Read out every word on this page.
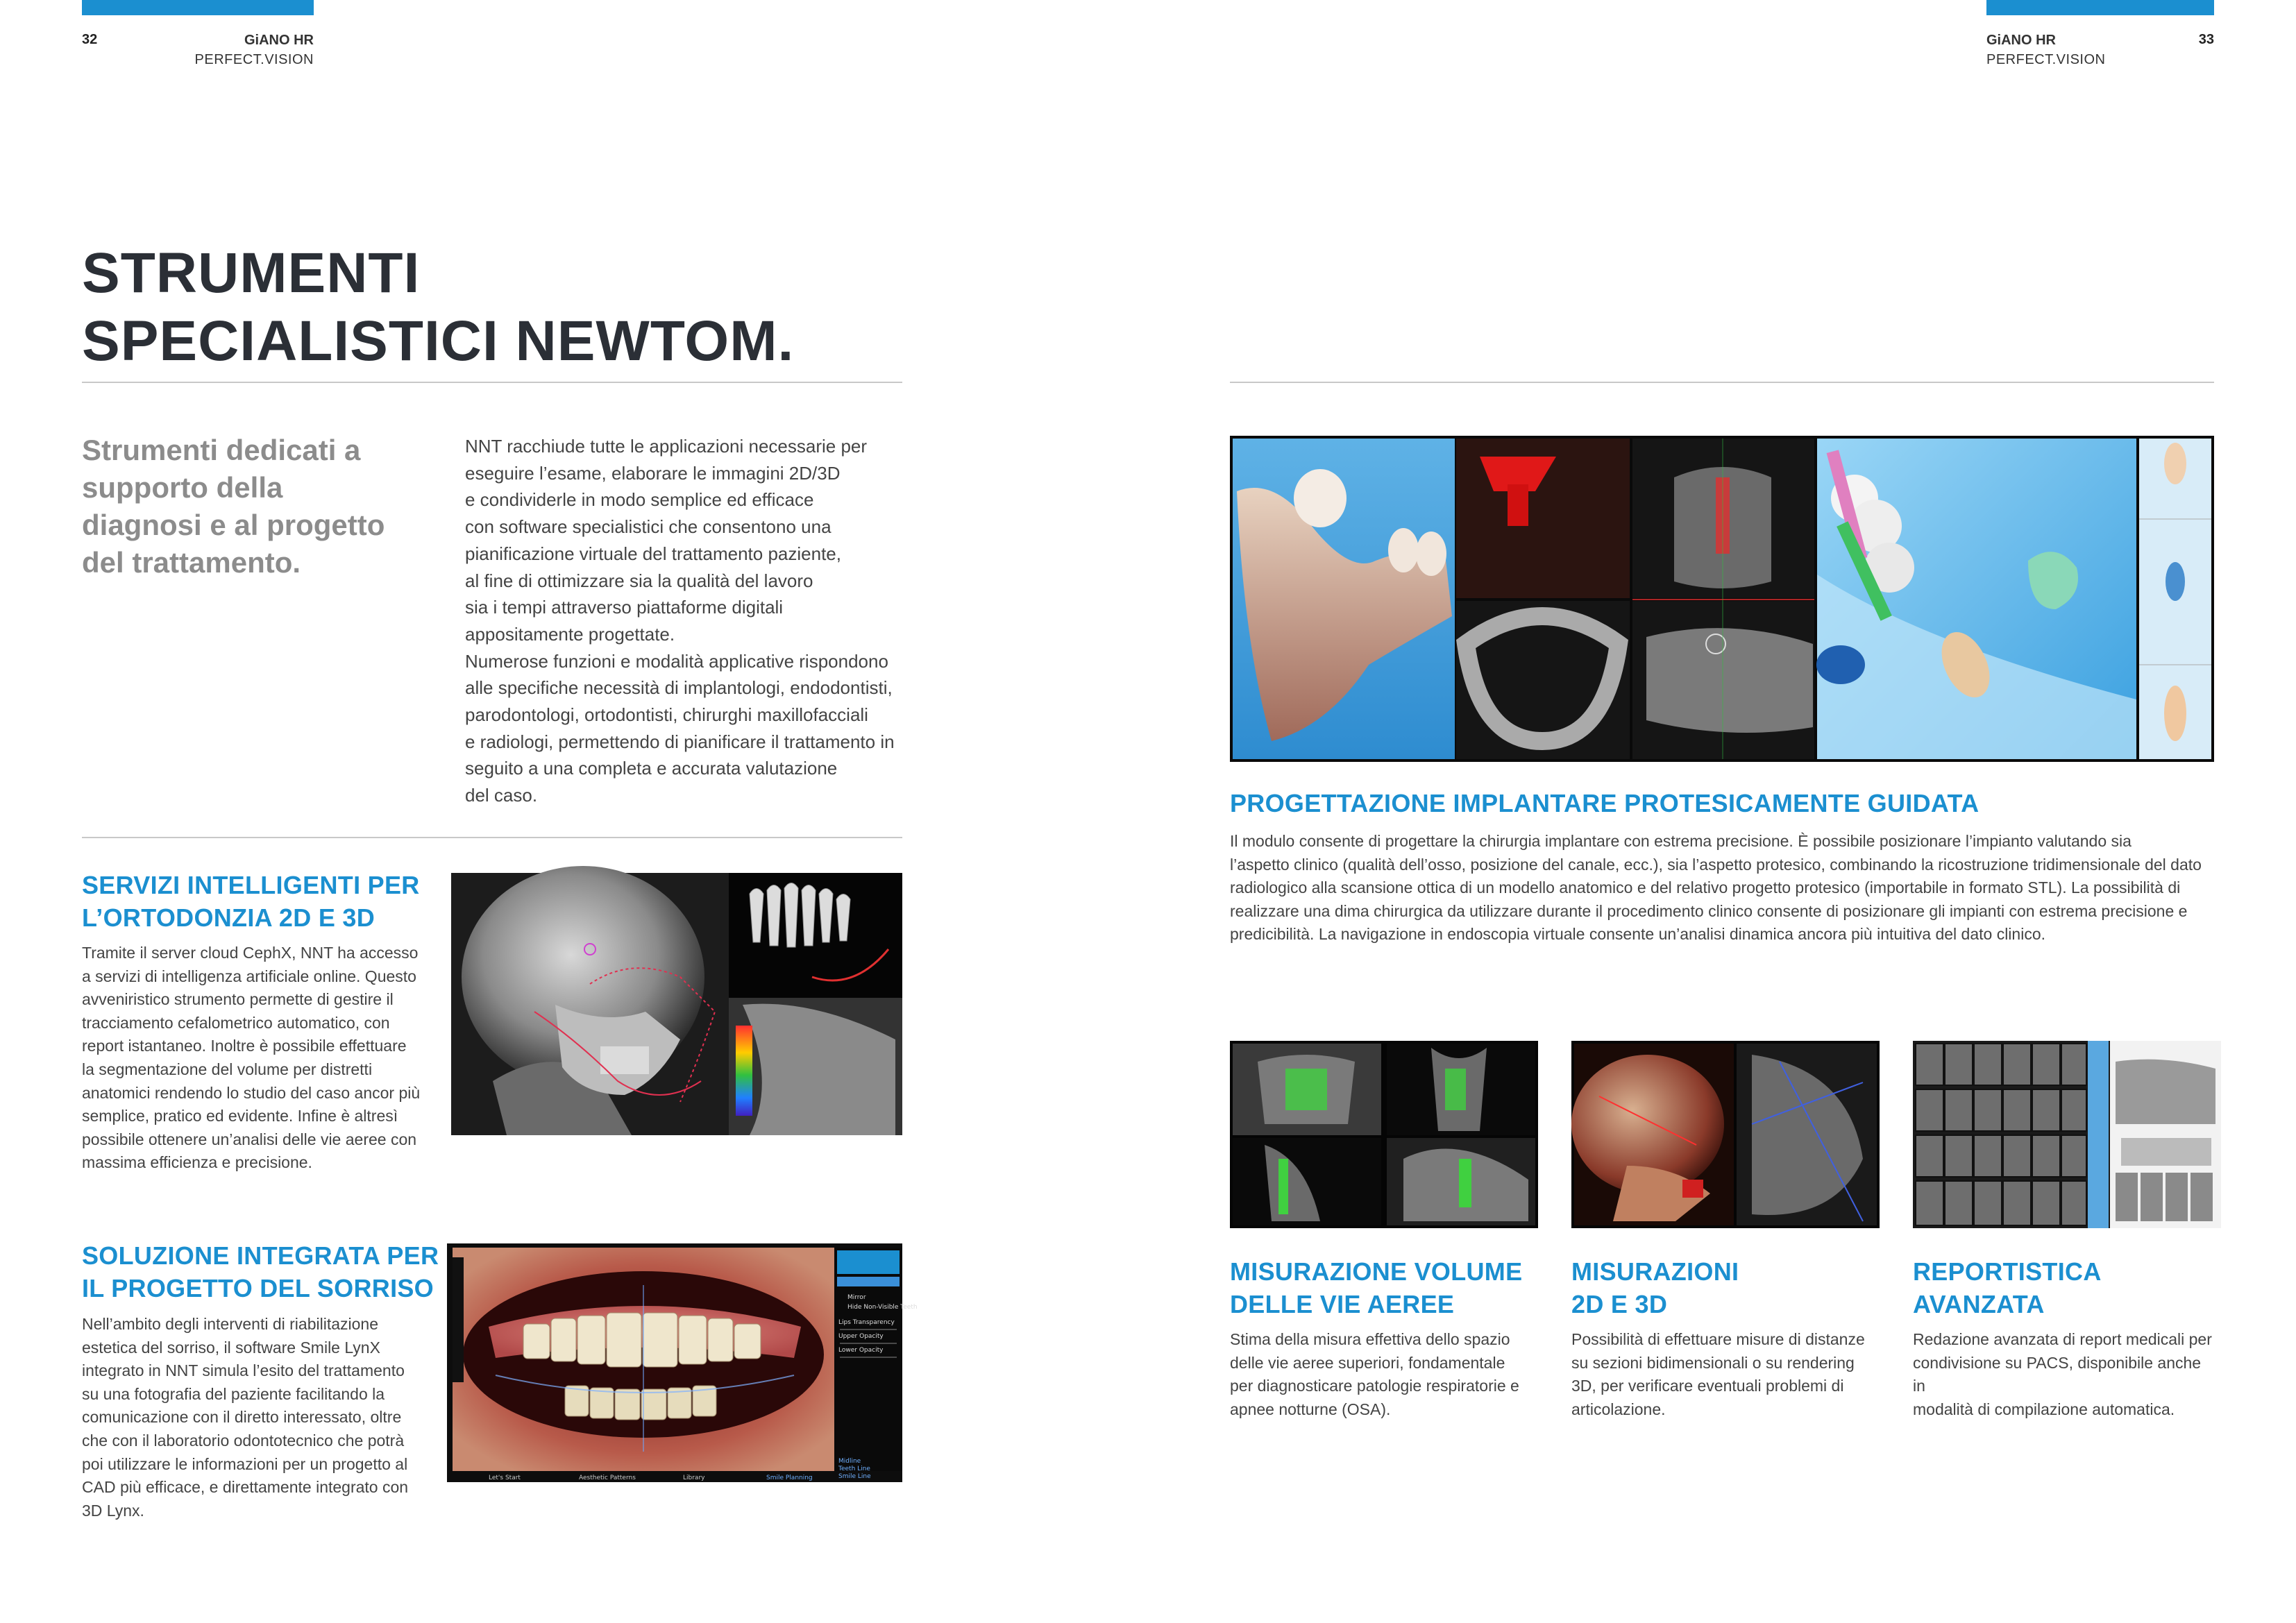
32	GiANO HR
PERFECT.VISION
GiANO HR
PERFECT.VISION
33
STRUMENTI
SPECIALISTICI NEWTOM.
Strumenti dedicati a supporto della diagnosi e al progetto del trattamento.
NNT racchiude tutte le applicazioni necessarie per
eseguire l’esame, elaborare le immagini 2D/3D
e condividerle in modo semplice ed efficace
con software specialistici che consentono una
pianificazione virtuale del trattamento paziente,
al fine di ottimizzare sia la qualità del lavoro
sia i tempi attraverso piattaforme digitali
appositamente progettate.
Numerose funzioni e modalità applicative rispondono
alle specifiche necessità di implantologi, endodontisti,
parodontologi, ortodontisti, chirurghi maxillofacciali
e radiologi, permettendo di pianificare il trattamento in
seguito a una completa e accurata valutazione
del caso.
SERVIZI INTELLIGENTI PER
L’ORTODONZIA 2D E 3D
Tramite il server cloud CephX, NNT ha accesso
a servizi di intelligenza artificiale online. Questo
avveniristico strumento permette di gestire il
tracciamento cefalometrico automatico, con
report istantaneo. Inoltre è possibile effettuare
la segmentazione del volume per distretti
anatomici rendendo lo studio del caso ancor più
semplice, pratico ed evidente. Infine è altresì
possibile ottenere un’analisi delle vie aeree con
massima efficienza e precisione.
SOLUZIONE INTEGRATA PER
IL PROGETTO DEL SORRISO
Nell’ambito degli interventi di riabilitazione
estetica del sorriso, il software Smile LynX
integrato in NNT simula l’esito del trattamento
su una fotografia del paziente facilitando la
comunicazione con il diretto interessato, oltre
che con il laboratorio odontotecnico che potrà
poi utilizzare le informazioni per un progetto al
CAD più efficace, e direttamente integrato con
3D Lynx.
Mirror
Hide Non-Visible Teeth
Lips Transparency
Upper Opacity
Lower Opacity
Midline
Teeth Line
Smile Line
Let's Start	Aesthetic Patterns	Library	Smile Planning
PROGETTAZIONE IMPLANTARE PROTESICAMENTE GUIDATA
Il modulo consente di progettare la chirurgia implantare con estrema precisione. È possibile posizionare l’impianto valutando sia
l’aspetto clinico (qualità dell’osso, posizione del canale, ecc.), sia l’aspetto protesico, combinando la ricostruzione tridimensionale del dato
radiologico alla scansione ottica di un modello anatomico e del relativo progetto protesico (importabile in formato STL). La possibilità di
realizzare una dima chirurgica da utilizzare durante il procedimento clinico consente di posizionare gli impianti con estrema precisione e
predicibilità. La navigazione in endoscopia virtuale consente un’analisi dinamica ancora più intuitiva del dato clinico.
MISURAZIONE VOLUME
DELLE VIE AEREE
Stima della misura effettiva dello spazio
delle vie aeree superiori, fondamentale
per diagnosticare patologie respiratorie e
apnee notturne (OSA).
MISURAZIONI
2D E 3D
Possibilità di effettuare misure di distanze
su sezioni bidimensionali o su rendering
3D, per verificare eventuali problemi di
articolazione.
REPORTISTICA
AVANZATA
Redazione avanzata di report medicali per
condivisione su PACS, disponibile anche in
modalità di compilazione automatica.
